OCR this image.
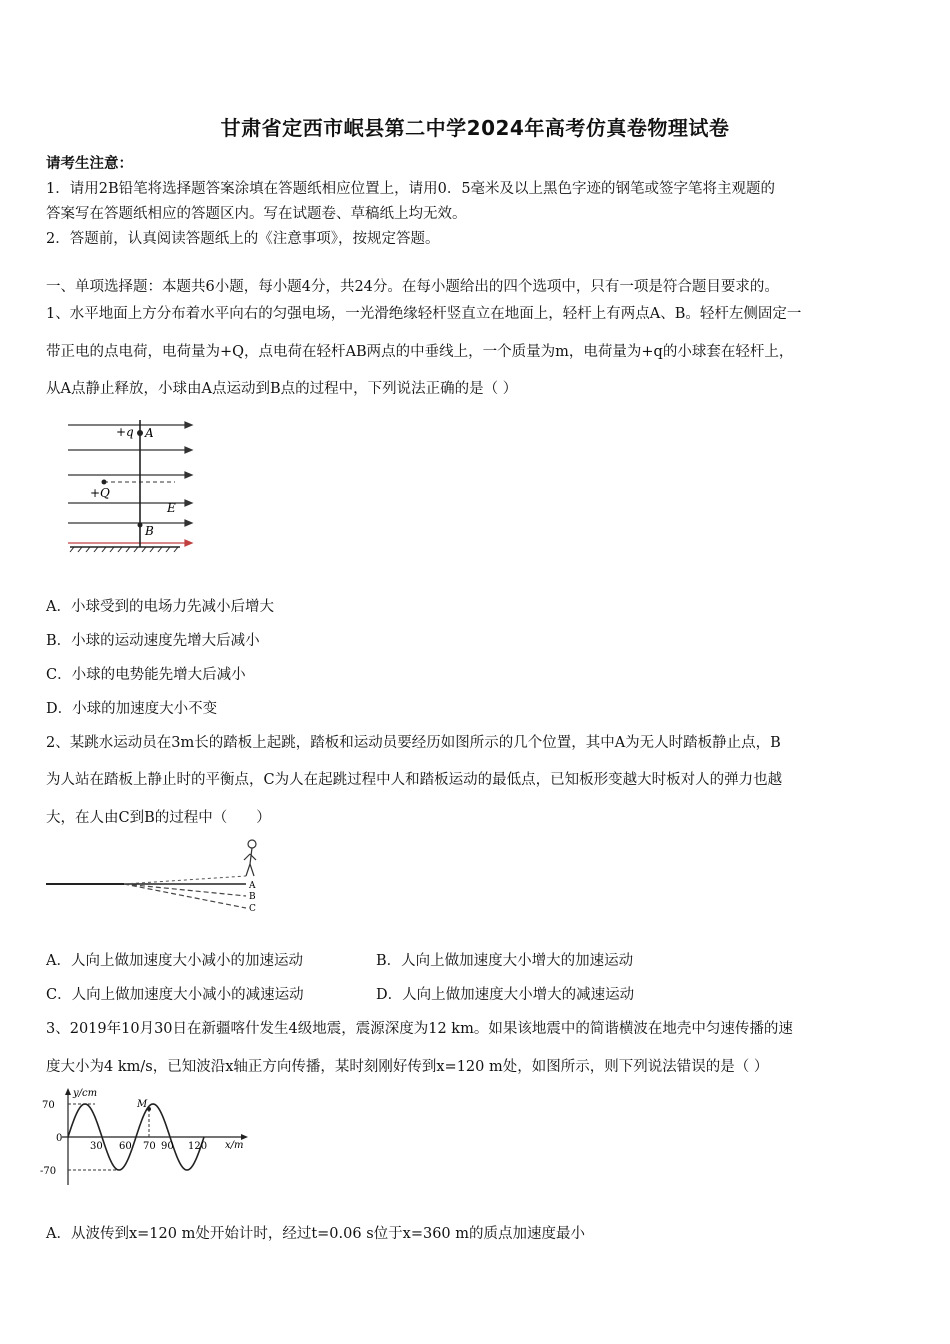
甘肃省定西市岷县第二中学2024年高考仿真卷物理试卷
请考生注意：
1．请用2B铅笔将选择题答案涂填在答题纸相应位置上，请用0．5毫米及以上黑色字迹的钢笔或签字笔将主观题的
答案写在答题纸相应的答题区内。写在试题卷、草稿纸上均无效。
2．答题前，认真阅读答题纸上的《注意事项》，按规定答题。
一、单项选择题：本题共6小题，每小题4分，共24分。在每小题给出的四个选项中，只有一项是符合题目要求的。
1、水平地面上方分布着水平向右的匀强电场，一光滑绝缘轻杆竖直立在地面上，轻杆上有两点A、B。轻杆左侧固定一
带正电的点电荷，电荷量为+Q，点电荷在轻杆AB两点的中垂线上，一个质量为m，电荷量为+q的小球套在轻杆上，
从A点静止释放，小球由A点运动到B点的过程中，下列说法正确的是（ ）
+q A
+Q
E
B
A．小球受到的电场力先减小后增大
B．小球的运动速度先增大后减小
C．小球的电势能先增大后减小
D．小球的加速度大小不变
2、某跳水运动员在3m长的踏板上起跳，踏板和运动员要经历如图所示的几个位置，其中A为无人时踏板静止点，B
为人站在踏板上静止时的平衡点，C为人在起跳过程中人和踏板运动的最低点，已知板形变越大时板对人的弹力也越
大，在人由C到B的过程中（　　）
A
B
C
A．人向上做加速度大小减小的加速运动	B．人向上做加速度大小增大的加速运动
C．人向上做加速度大小减小的减速运动	D．人向上做加速度大小增大的减速运动
3、2019年10月30日在新疆喀什发生4级地震，震源深度为12 km。如果该地震中的简谐横波在地壳中匀速传播的速
度大小为4 km/s，已知波沿x轴正方向传播，某时刻刚好传到x=120 m处，如图所示，则下列说法错误的是（ ）
y/cm
x/m
70
0
-70
M
30 60 70 90 120
A．从波传到x=120 m处开始计时，经过t=0.06 s位于x=360 m的质点加速度最小
